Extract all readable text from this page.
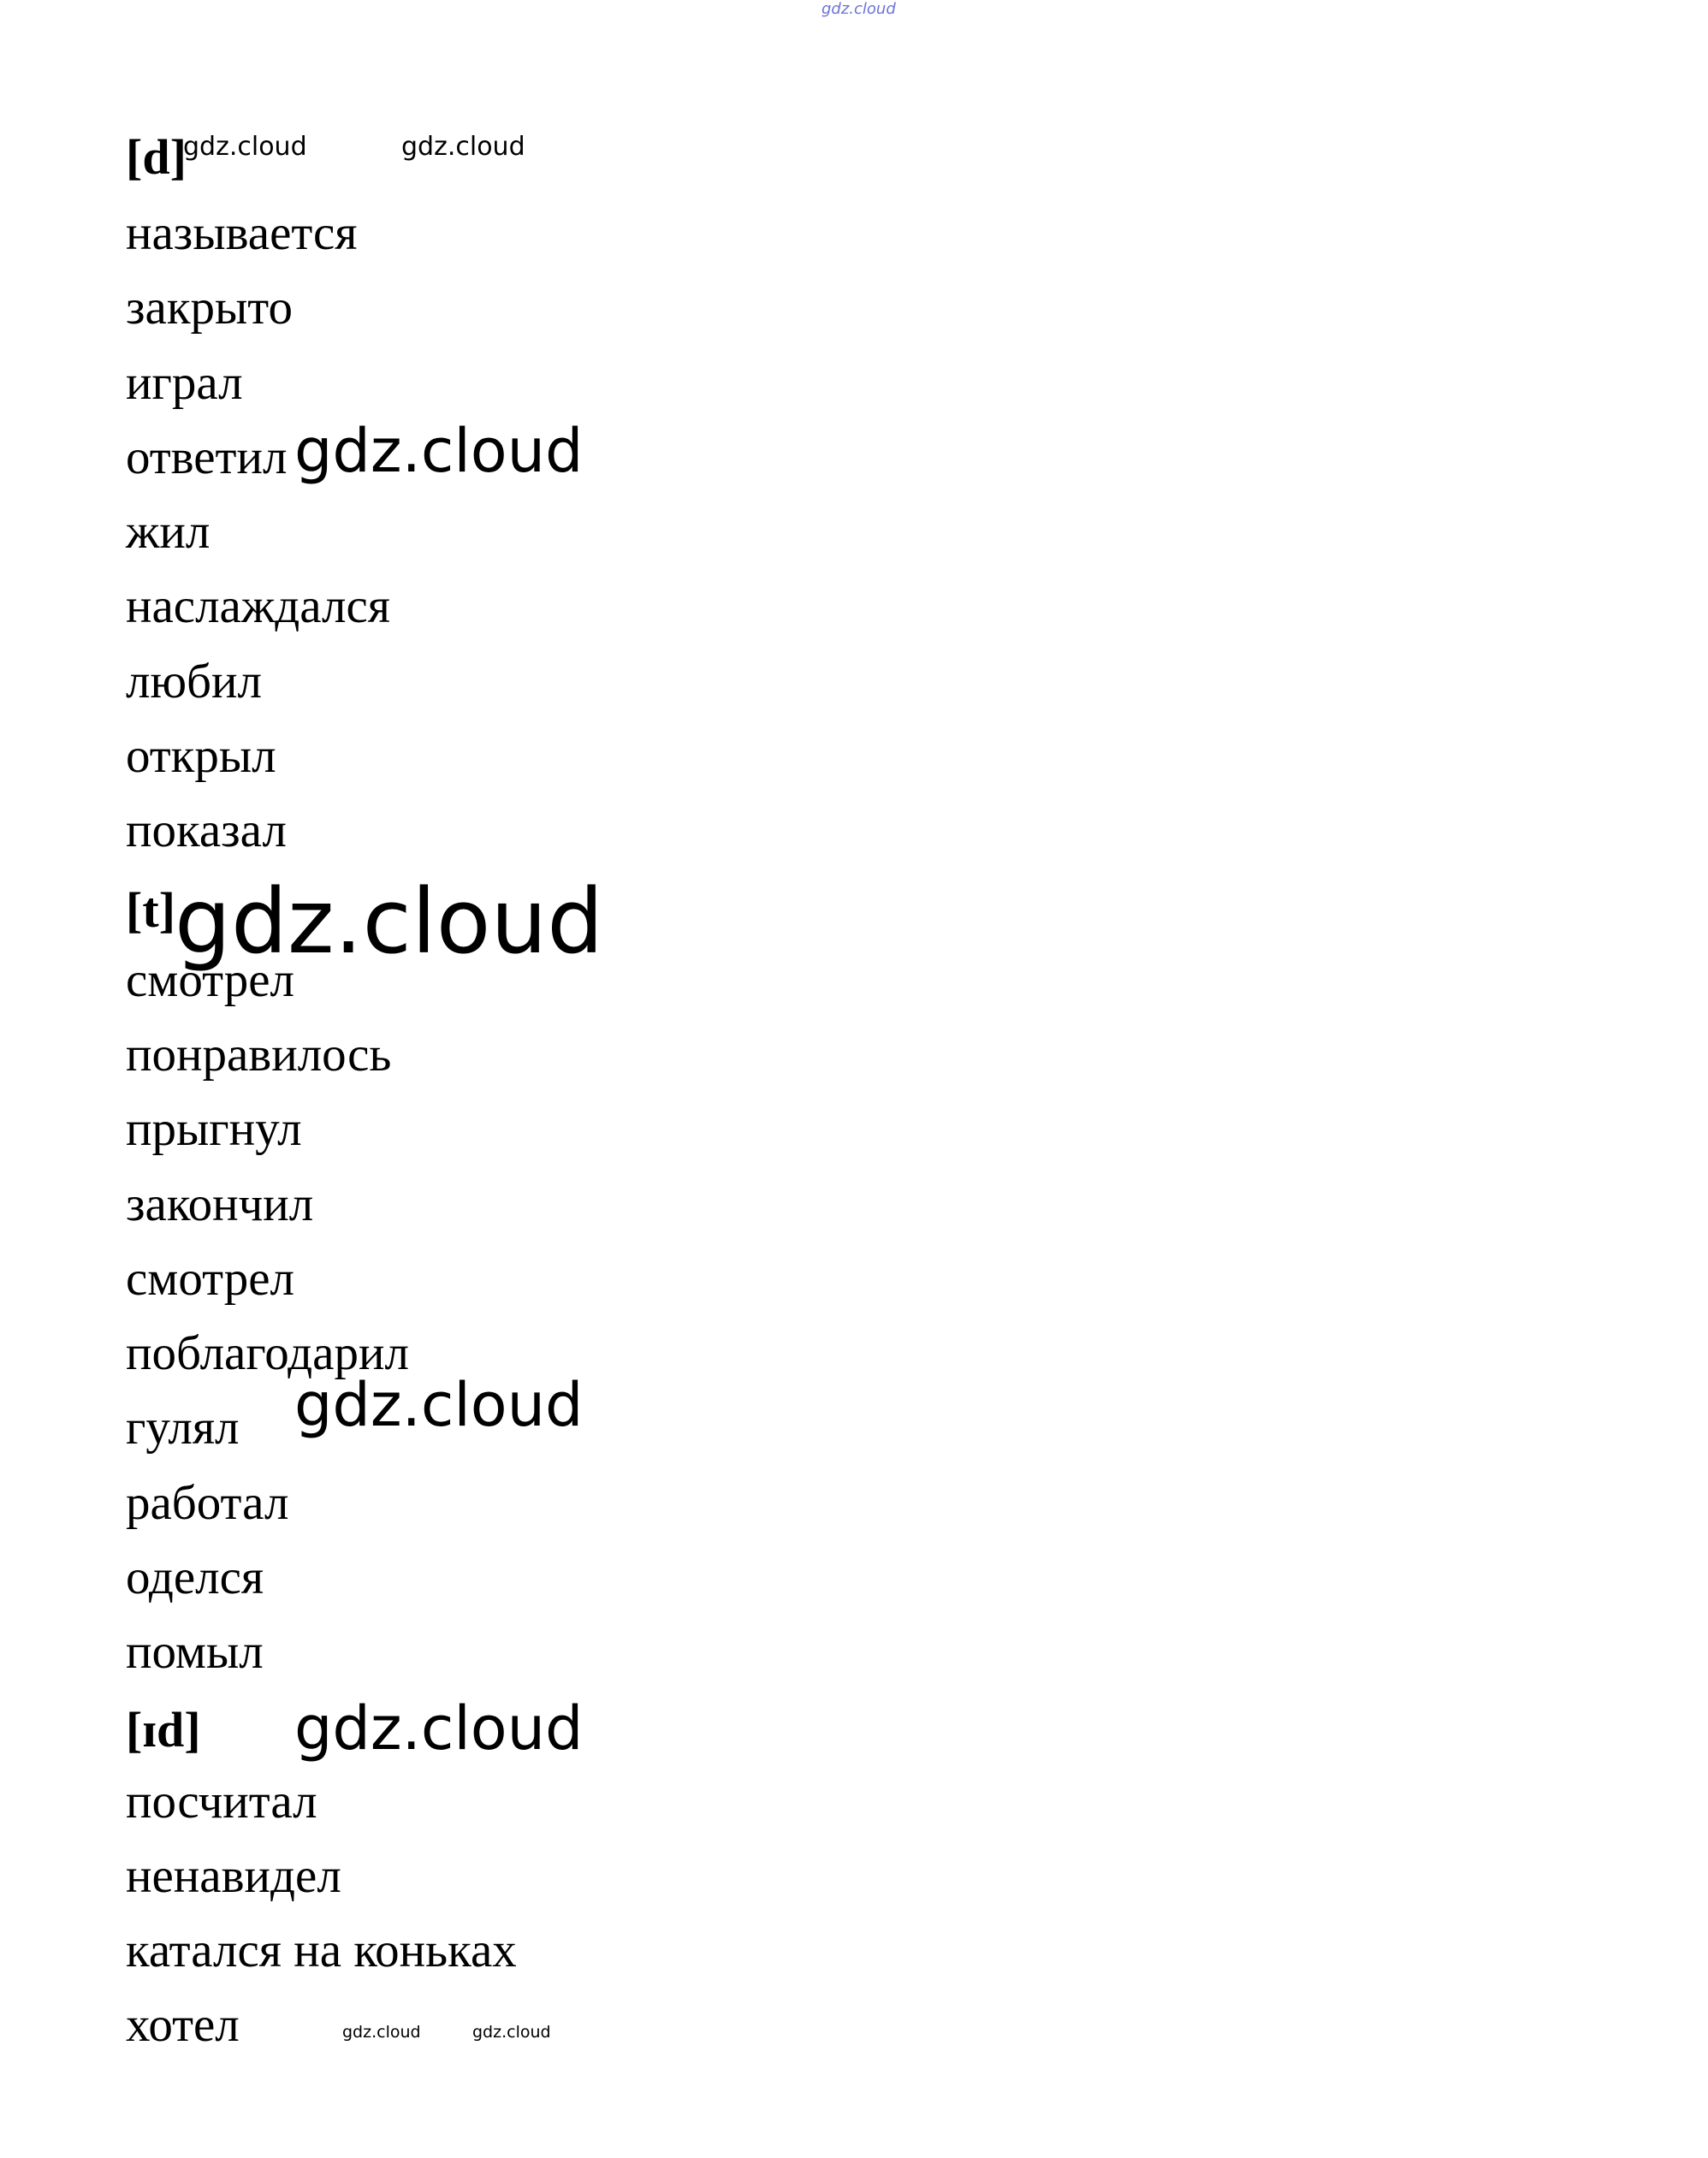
gdz.cloud
[d]
gdz.cloud	gdz.cloud
называется
закрыто
играл
ответил gdz.cloud
жил
наслаждался
любил
открыл
показал
[t] gdz.cloud
смотрел
понравилось
прыгнул
закончил
смотрел
поблагодарил
гулял gdz.cloud
работал
оделся
помыл
[ɪd] gdz.cloud
посчитал
ненавидел
катался на коньках
хотел	gdz.cloud	gdz.cloud
